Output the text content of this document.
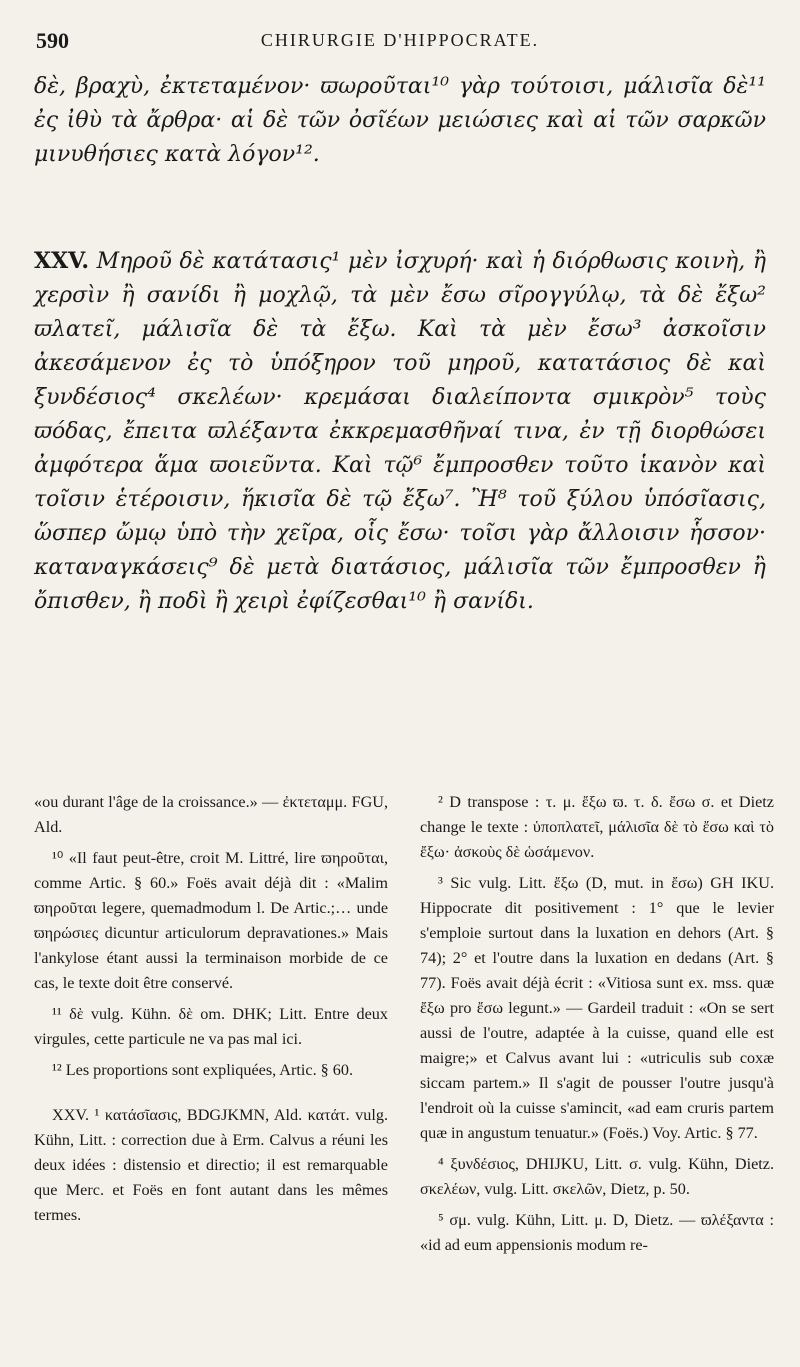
590	CHIRURGIE D'HIPPOCRATE.

δὲ, βραχὺ, ἐκτεταμένον· ϖωροῦται¹⁰ γὰρ τούτοισι, μάλισῖα δὲ¹¹ ἐς ἰθὺ τὰ ἄρθρα· αἱ δὲ τῶν ὀσῖέων μειώσιες καὶ αἱ τῶν σαρκῶν μινυθήσιες κατὰ λόγον¹².

XXV. Μηροῦ δὲ κατάτασις¹ μὲν ἰσχυρή· καὶ ἡ διόρθωσις κοινὴ, ἢ χερσὶν ἢ σανίδι ἢ μοχλῷ, τὰ μὲν ἔσω σῖρογγύλῳ, τὰ δὲ ἔξω² ϖλατεῖ, μάλισῖα δὲ τὰ ἔξω. Καὶ τὰ μὲν ἔσω³ ἀσκοῖσιν ἀκεσάμενον ἐς τὸ ὑπόξηρον τοῦ μηροῦ, κατατάσιος δὲ καὶ ξυνδέσιος⁴ σκελέων· κρεμάσαι διαλείποντα σμικρὸν⁵ τοὺς ϖόδας, ἔπειτα ϖλέξαντα ἐκκρεμασθῆναί τινα, ἐν τῇ διορθώσει ἀμφότερα ἅμα ϖοιεῦντα. Καὶ τῷ⁶ ἔμπροσθεν τοῦτο ἱκανὸν καὶ τοῖσιν ἑτέροισιν, ἥκισῖα δὲ τῷ ἔξω⁷. Ἢ⁸ τοῦ ξύλου ὑπόσῖασις, ὥσπερ ὤμῳ ὑπὸ τὴν χεῖρα, οἷς ἔσω· τοῖσι γὰρ ἄλλοισιν ἧσσον· καταναγκάσεις⁹ δὲ μετὰ διατάσιος, μάλισῖα τῶν ἔμπροσθεν ἢ ὄπισθεν, ἢ ποδὶ ἢ χειρὶ ἐφίζεσθαι¹⁰ ἢ σανίδι.

«ou durant l'âge de la croissance.» — ἐκτεταμμ. FGU, Ald.

¹⁰ «Il faut peut-être, croit M. Littré, lire ϖηροῦται, comme Artic. § 60.» Foës avait déjà dit : «Malim ϖηροῦται legere, quemadmodum l. De Artic.;… unde ϖηρώσιες dicuntur articulorum depravationes.» Mais l'ankylose étant aussi la terminaison morbide de ce cas, le texte doit être conservé.

¹¹ δὲ vulg. Kühn. δὲ om. DHK; Litt. Entre deux virgules, cette particule ne va pas mal ici.

¹² Les proportions sont expliquées, Artic. § 60.

XXV. ¹ κατάσῖασις, BDGJKMN, Ald. κατάτ. vulg. Kühn, Litt. : correction due à Erm. Calvus a réuni les deux idées : distensio et directio; il est remarquable que Merc. et Foës en font autant dans les mêmes termes.

² D transpose : τ. μ. ἔξω ϖ. τ. δ. ἔσω σ. et Dietz change le texte : ὑποπλατεῖ, μάλισῖα δὲ τὸ ἔσω καὶ τὸ ἔξω· ἀσκοὺς δὲ ὡσάμενον.

³ Sic vulg. Litt. ἔξω (D, mut. in ἔσω) GH IKU. Hippocrate dit positivement : 1° que le levier s'emploie surtout dans la luxation en dehors (Art. § 74); 2° et l'outre dans la luxation en dedans (Art. § 77). Foës avait déjà écrit : «Vitiosa sunt ex. mss. quæ ἔξω pro ἔσω legunt.» — Gardeil traduit : «On se sert aussi de l'outre, adaptée à la cuisse, quand elle est maigre;» et Calvus avant lui : «utriculis sub coxæ siccam partem.» Il s'agit de pousser l'outre jusqu'à l'endroit où la cuisse s'amincit, «ad eam cruris partem quæ in angustum tenuatur.» (Foës.) Voy. Artic. § 77.

⁴ ξυνδέσιος, DHIJKU, Litt. σ. vulg. Kühn, Dietz. σκελέων, vulg. Litt. σκελῶν, Dietz, p. 50.

⁵ σμ. vulg. Kühn, Litt. μ. D, Dietz. — ϖλέξαντα : «id ad eum appensionis modum re-
